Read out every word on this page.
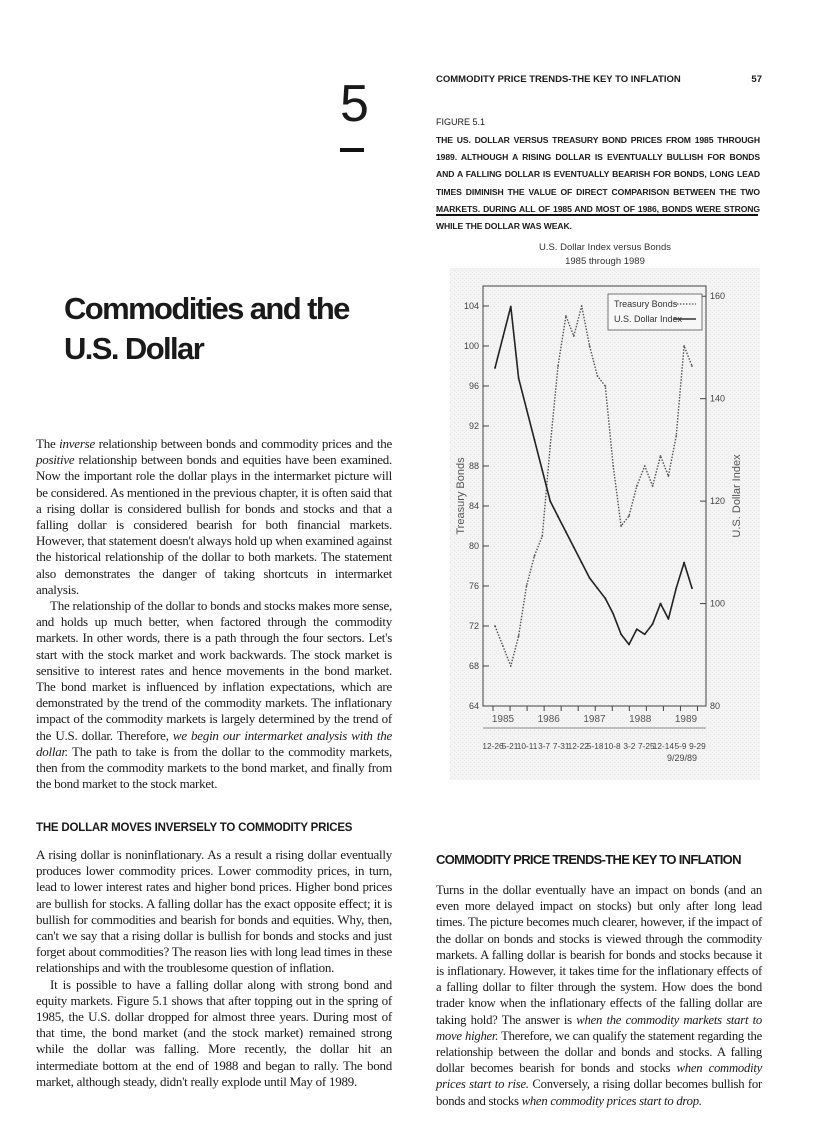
5
Commodities and the U.S. Dollar

The inverse relationship between bonds and commodity prices and the positive relationship between bonds and equities have been examined. Now the important role the dollar plays in the intermarket picture will be considered. As mentioned in the previous chapter, it is often said that a rising dollar is considered bullish for bonds and stocks and that a falling dollar is considered bearish for both financial markets. However, that statement doesn't always hold up when examined against the historical relationship of the dollar to both markets. The statement also demonstrates the danger of taking shortcuts in intermarket analysis.

The relationship of the dollar to bonds and stocks makes more sense, and holds up much better, when factored through the commodity markets. In other words, there is a path through the four sectors. Let's start with the stock market and work backwards. The stock market is sensitive to interest rates and hence movements in the bond market. The bond market is influenced by inflation expectations, which are demonstrated by the trend of the commodity markets. The inflationary impact of the commodity markets is largely determined by the trend of the U.S. dollar. Therefore, we begin our intermarket analysis with the dollar. The path to take is from the dollar to the commodity markets, then from the commodity markets to the bond market, and finally from the bond market to the stock market.

THE DOLLAR MOVES INVERSELY TO COMMODITY PRICES

A rising dollar is noninflationary. As a result a rising dollar eventually produces lower commodity prices. Lower commodity prices, in turn, lead to lower interest rates and higher bond prices. Higher bond prices are bullish for stocks. A falling dollar has the exact opposite effect; it is bullish for commodities and bearish for bonds and equities. Why, then, can't we say that a rising dollar is bullish for bonds and stocks and just forget about commodities? The reason lies with long lead times in these relationships and with the troublesome question of inflation.

It is possible to have a falling dollar along with strong bond and equity markets. Figure 5.1 shows that after topping out in the spring of 1985, the U.S. dollar dropped for almost three years. During most of that time, the bond market (and the stock market) remained strong while the dollar was falling. More recently, the dollar hit an intermediate bottom at the end of 1988 and began to rally. The bond market, although steady, didn't really explode until May of 1989.

COMMODITY PRICE TRENDS-THE KEY TO INFLATION	57
FIGURE 5.1
THE US. DOLLAR VERSUS TREASURY BOND PRICES FROM 1985 THROUGH 1989. ALTHOUGH A RISING DOLLAR IS EVENTUALLY BULLISH FOR BONDS AND A FALLING DOLLAR IS EVENTUALLY BEARISH FOR BONDS, LONG LEAD TIMES DIMINISH THE VALUE OF DIRECT COMPARISON BETWEEN THE TWO MARKETS. DURING ALL OF 1985 AND MOST OF 1986, BONDS WERE STRONG WHILE THE DOLLAR WAS WEAK.
U.S. Dollar Index versus Bonds
1985 through 1989
104
100
96
92
88
84
80
76
72
68
64
160
140
120
100
80
12-26
5-21
10-11 3-7 7-31
12-22
5-18 10-8 3-2 7-25
12-14 5-9 9-29
1985 1986 1987 1988 1989
Treasury Bonds
U.S. Dollar Index
Treasury Bonds	U.S. Dollar Index
9/29/89
COMMODITY PRICE TRENDS-THE KEY TO INFLATION

Turns in the dollar eventually have an impact on bonds (and an even more delayed impact on stocks) but only after long lead times. The picture becomes much clearer, however, if the impact of the dollar on bonds and stocks is viewed through the commodity markets. A falling dollar is bearish for bonds and stocks because it is inflationary. However, it takes time for the inflationary effects of a falling dollar to filter through the system. How does the bond trader know when the inflationary effects of the falling dollar are taking hold? The answer is when the commodity markets start to move higher. Therefore, we can qualify the statement regarding the relationship between the dollar and bonds and stocks. A falling dollar becomes bearish for bonds and stocks when commodity prices start to rise. Conversely, a rising dollar becomes bullish for bonds and stocks when commodity prices start to drop.
